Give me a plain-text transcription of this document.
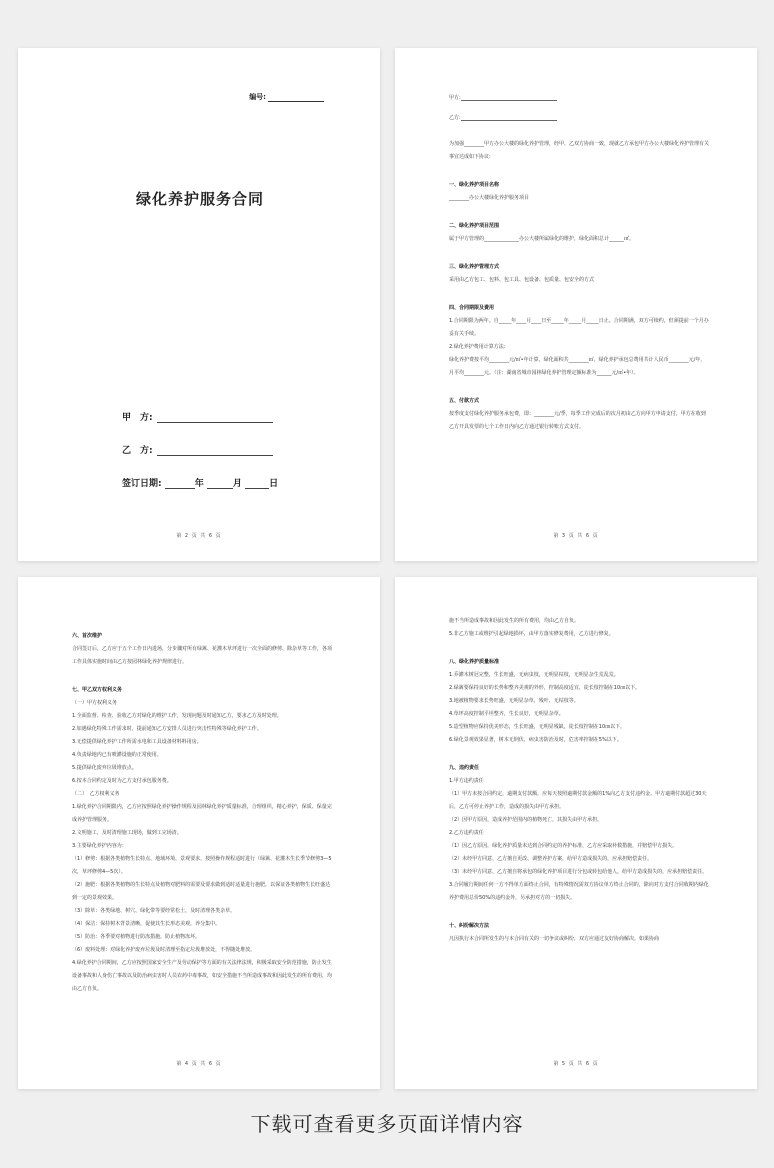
编号:
绿化养护服务合同
甲　方:
乙　方:
签订日期:	年	月	日
第 2 页 共 6 页
甲方:
乙方:
为加强________甲方办公大楼的绿化养护管理，经甲、乙双方协商一致，现就乙方承包甲方办公大楼绿化养护管理有关事宜达成如下协议:
一、绿化养护项目名称
________办公大楼绿化养护服务项目
二、绿化养护项目范围
属于甲方管理的______________办公大楼所属绿化的维护，绿化面积总计______㎡。
三、绿化养护管理方式
采用由乙方包工、包料、包工具、包设备、包质量、包安全的方式
四、合同期限及费用
1.合同期限为两年。自_____年____月____日至_____年_____月_____日止。合同期满，双方可续约，但须提前一个月办妥有关手续。
2.绿化养护费用计算方法:
绿化养护费按平均________元/㎡•年计算，绿化面积共________㎡，绿化养护承包总费用共计人民币________元/年，月平均________元。（注：湖南省城市园林绿化养护管理定额标准为______元/㎡•年）。
五、付款方式
按季度支付绿化养护服务承包费，即：________元/季，每季工作完成后的次月初由乙方向甲方申请支付，甲方在收到乙方开具发票的七个工作日内向乙方通过银行转账方式支付。
第 3 页 共 6 页
六、首次维护
合同签订后，乙方应于五个工作日内进场，分步骤对所有绿篱、花灌木草坪进行一次全面的修剪、除杂草等工作，各项工作具体实施时间由乙方按园林绿化养护规律进行。
七、甲乙双方权利义务
（一）甲方权利义务
1.全面监督、检查、验收乙方对绿化的维护工作，发现问题及时通知乙方，要求乙方及时处理。
2.如遇绿化特殊工作需求时，提前通知乙方安排人员进行突击性特殊等绿化养护工作。
3.无偿提供绿化养护工作所需水电和工具设备材料料用房。
4.负责绿地内已有喷灌设施的正常使用。
5.提供绿化废弃垃圾堆放点。
6.按本合同约定及时为乙方支付承包服务费。
（二）　乙方权利义务
1.绿化养护合同期限内，乙方应按照绿化养护操作规程及园林绿化养护质量标准，合理组织，精心养护，保质、保量完成养护管理服务。
2.文明施工，及时清理施工现场，做到工完场清。
3.主要绿化养护内容为：
（1）修剪：根据各类植物生长特点、地域环境、景观要求，按照操作规程适时进行（绿篱、花灌木生长季节修剪3—5次，草坪修剪4—5次）。
（2）施肥：根据各类植物的生长特点及植物对肥料的需要及要求做到适时适量进行施肥，以保证各类植物生长旺盛达到一定的景观效果。
（3）除草：各类绿地、树穴、绿化带等要经常松土，及时清理各类杂草。
（4）保洁：保持树木背景清晰，促使其生长形态美观，养分集中。
（5）防治：各季要对植物进行防冻措施，防止植物冻坏。
（6）废料处理：对绿化养护废弃垃圾及时清理至指定垃圾堆放处，不得随处堆放。
4.绿化养护合同期间，乙方应按照国家安全生产及劳动保护等方面的有关法律法规，积极采取安全防范措施，防止发生设备事故和人身伤亡事故以及防治病虫害时人员农药中毒事故，如安全措施不当所造成事故和因此发生的所有费用，均由乙方自负。
第 4 页 共 6 页
施不当所造成事故和因此发生的所有费用，均由乙方自负。
5.非乙方施工或维护引起绿地损坏，由甲方落实修复费用，乙方进行修复。
八、绿化养护质量标准
1.乔灌木树冠完整，生长旺盛，无病虫枝，无明显枯枝，无明显杂生荒乱荒。
2.绿篱要保持良好的长势和整齐美观的外形，控制高度适宜，徒长枝控制在10㎝以下。
3.地被植物要求长势旺盛，无明显杂草，残叶、无枯枝等。
4.草坪高度控制平坦整齐，生长良好，无明显杂草。
5.造型植物应保持优美形态，生长旺盛，无明显残缺，徒长枝控制在10㎝以下。
6.绿化景观效果显著，树木无倒伏，病虫害防治及时，危害率控制在5%以下。
九、违约责任
1.甲方违约责任
（1）甲方未按合同约定，逾期支付款额，应每天按照逾期付款金额的1%向乙方支付违约金。甲方逾期付款超过30天后，乙方可停止养护工作，造成的损失由甲方承担。
（2）因甲方原因，造成养护范围内的植物死亡，其损失由甲方承担。
2.乙方违约责任
（1）因乙方原因，绿化养护质量未达到合同约定的养护标准，乙方应采取补救措施，并赔偿甲方损失。
（2）未经甲方同意，乙方擅自更改、调整养护方案，给甲方造成损失的，应承担赔偿责任。
（3）未经甲方同意，乙方擅自将承包的绿化养护项目进行分包或转包给他人，给甲方造成损失的，应承担赔偿责任。
3.合同履行期间任何一方不得单方面终止合同，有特殊情况需双方协议单方终止合同的，除向对方支付合同收期内绿化养护费用总价50%的违约金外，另承担对方的一切损失。
十、纠纷解决方法
凡因执行本合同所发生的与本合同有关的一切争议或纠纷，双方应通过友好协商解决。如果协商
第 5 页 共 6 页
下载可查看更多页面详情内容
